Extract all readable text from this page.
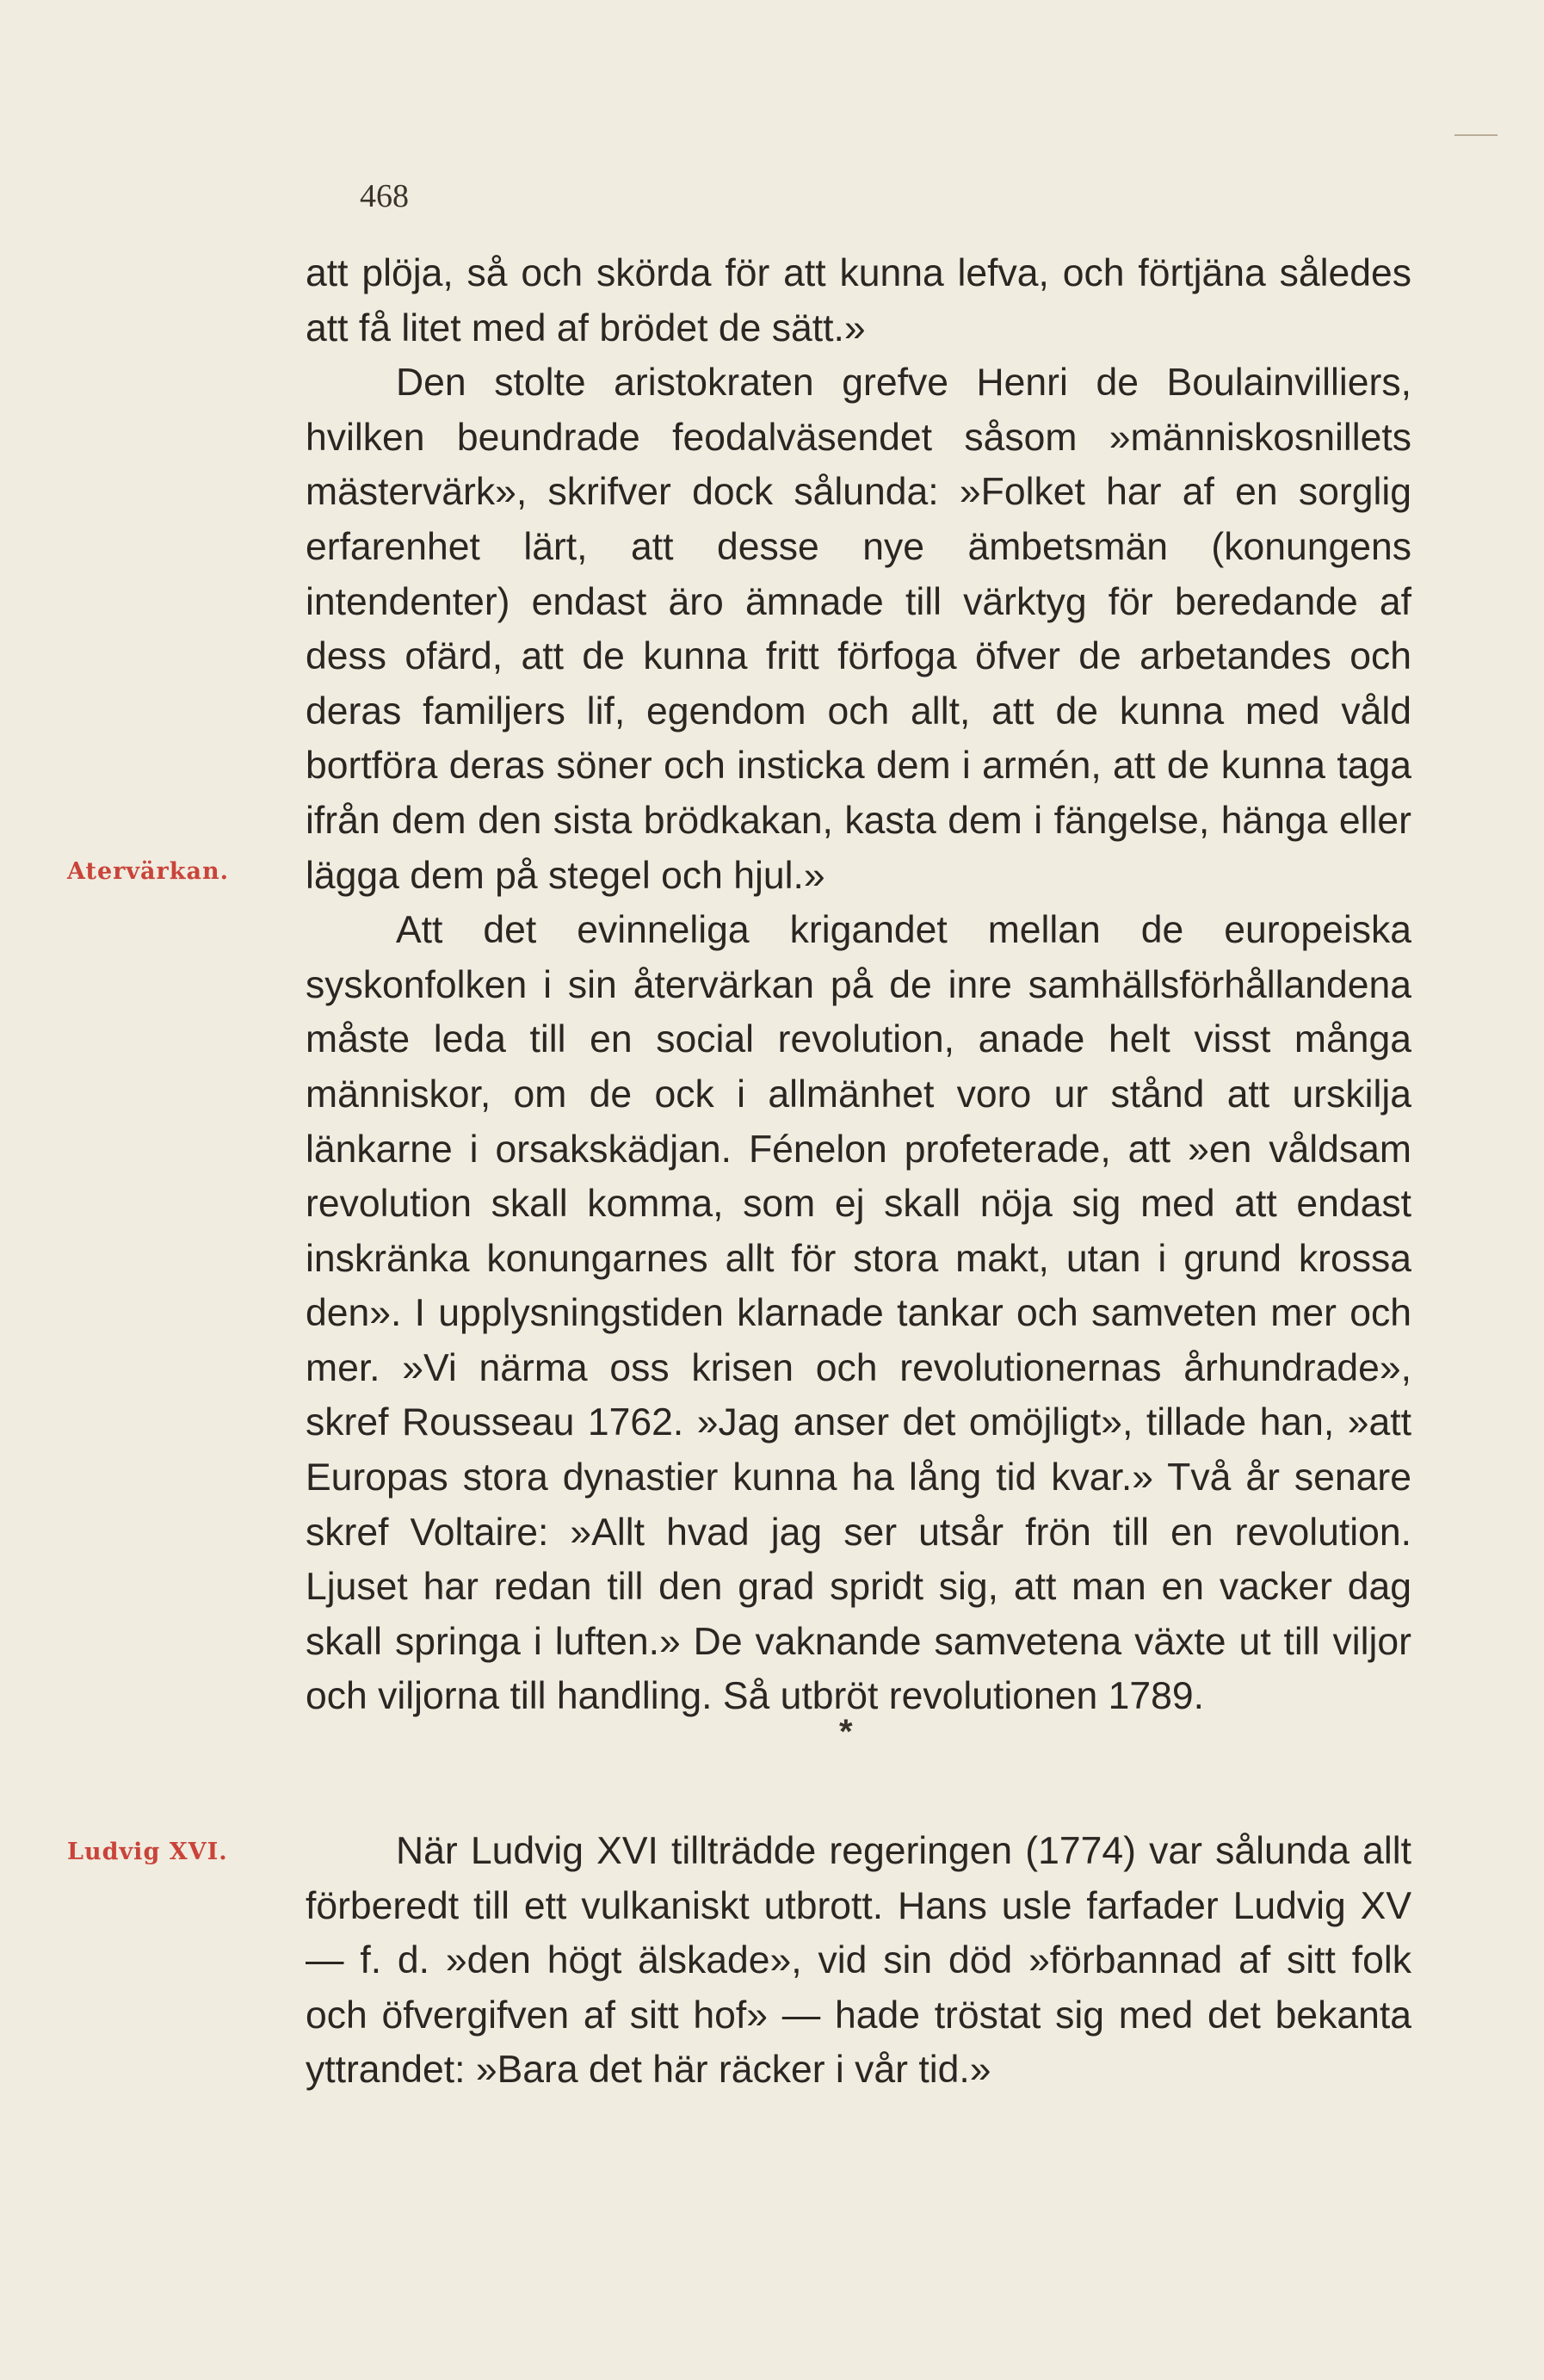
468
Atervärkan.
Ludvig XVI.

att plöja, så och skörda för att kunna lefva, och förtjäna således att få litet med af brödet de sätt.»

Den stolte aristokraten grefve Henri de Boulainvilliers, hvilken beundrade feodalväsendet såsom »människosnillets mästervärk», skrifver dock sålunda: »Folket har af en sorglig erfarenhet lärt, att desse nye ämbetsmän (konungens intendenter) endast äro ämnade till värktyg för beredande af dess ofärd, att de kunna fritt förfoga öfver de arbetandes och deras familjers lif, egendom och allt, att de kunna med våld bortföra deras söner och insticka dem i armén, att de kunna taga ifrån dem den sista brödkakan, kasta dem i fängelse, hänga eller lägga dem på stegel och hjul.»

Att det evinneliga krigandet mellan de europeiska syskonfolken i sin återvärkan på de inre samhällsförhållandena måste leda till en social revolution, anade helt visst många människor, om de ock i allmänhet voro ur stånd att urskilja länkarne i orsakskädjan. Fénelon profeterade, att »en våldsam revolution skall komma, som ej skall nöja sig med att endast inskränka konungarnes allt för stora makt, utan i grund krossa den». I upplysningstiden klarnade tankar och samveten mer och mer. »Vi närma oss krisen och revolutionernas århundrade», skref Rousseau 1762. »Jag anser det omöjligt», tillade han, »att Europas stora dynastier kunna ha lång tid kvar.» Två år senare skref Voltaire: »Allt hvad jag ser utsår frön till en revolution. Ljuset har redan till den grad spridt sig, att man en vacker dag skall springa i luften.» De vaknande samvetena växte ut till viljor och viljorna till handling. Så utbröt revolutionen 1789.

*

När Ludvig XVI tillträdde regeringen (1774) var sålunda allt förberedt till ett vulkaniskt utbrott. Hans usle farfader Ludvig XV — f. d. »den högt älskade», vid sin död »förbannad af sitt folk och öfvergifven af sitt hof» — hade tröstat sig med det bekanta yttrandet: »Bara det här räcker i vår tid.»
